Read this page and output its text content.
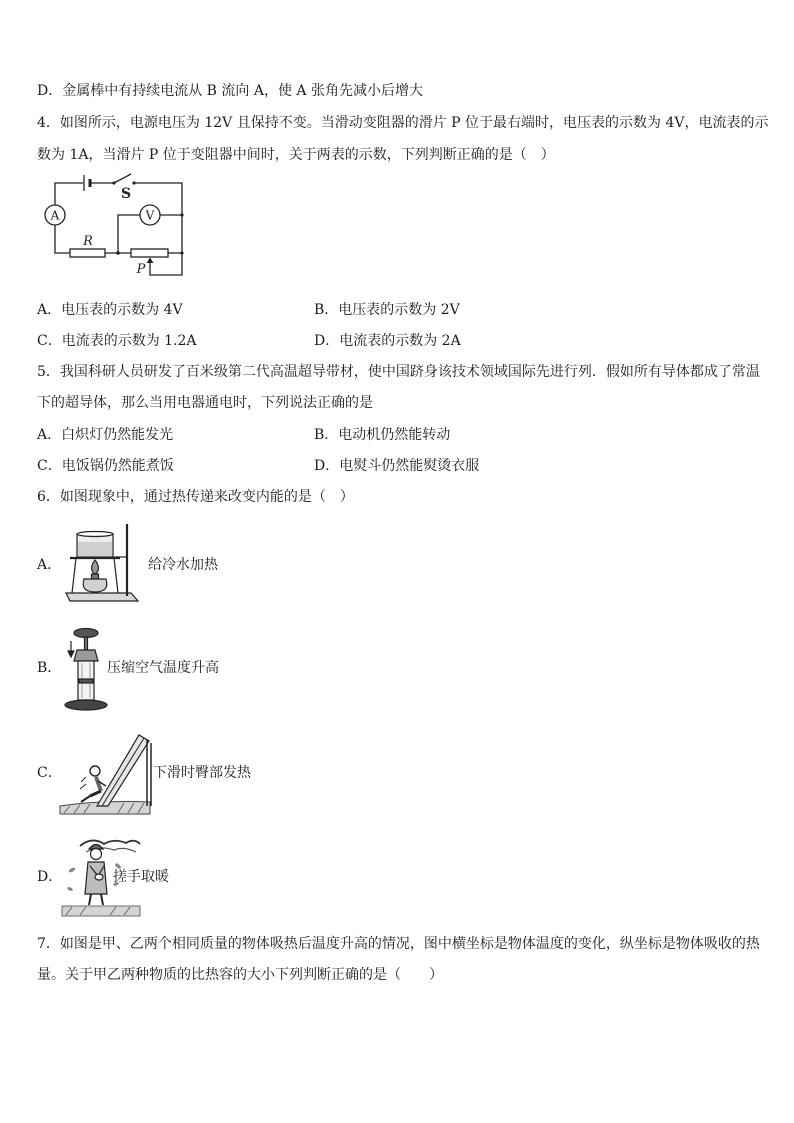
D．金属棒中有持续电流从 B 流向 A，使 A 张角先减小后增大
4．如图所示，电源电压为 12V 且保持不变。当滑动变阻器的滑片 P 位于最右端时，电压表的示数为 4V，电流表的示
数为 1A，当滑片 P 位于变阻器中间时，关于两表的示数，下列判断正确的是（　）
A	V
S
R
P
A．电压表的示数为 4V	B．电压表的示数为 2V
C．电流表的示数为 1.2A	D．电流表的示数为 2A
5．我国科研人员研发了百米级第二代高温超导带材，使中国跻身该技术领域国际先进行列．假如所有导体都成了常温
下的超导体，那么当用电器通电时，下列说法正确的是
A．白炽灯仍然能发光	B．电动机仍然能转动
C．电饭锅仍然能煮饭	D．电熨斗仍然能熨烫衣服
6．如图现象中，通过热传递来改变内能的是（　）
A．	给冷水加热
B．	压缩空气温度升高
C．	下滑时臀部发热
D．	搓手取暖
7．如图是甲、乙两个相同质量的物体吸热后温度升高的情况，图中横坐标是物体温度的变化，纵坐标是物体吸收的热
量。关于甲乙两种物质的比热容的大小下列判断正确的是（　　）
